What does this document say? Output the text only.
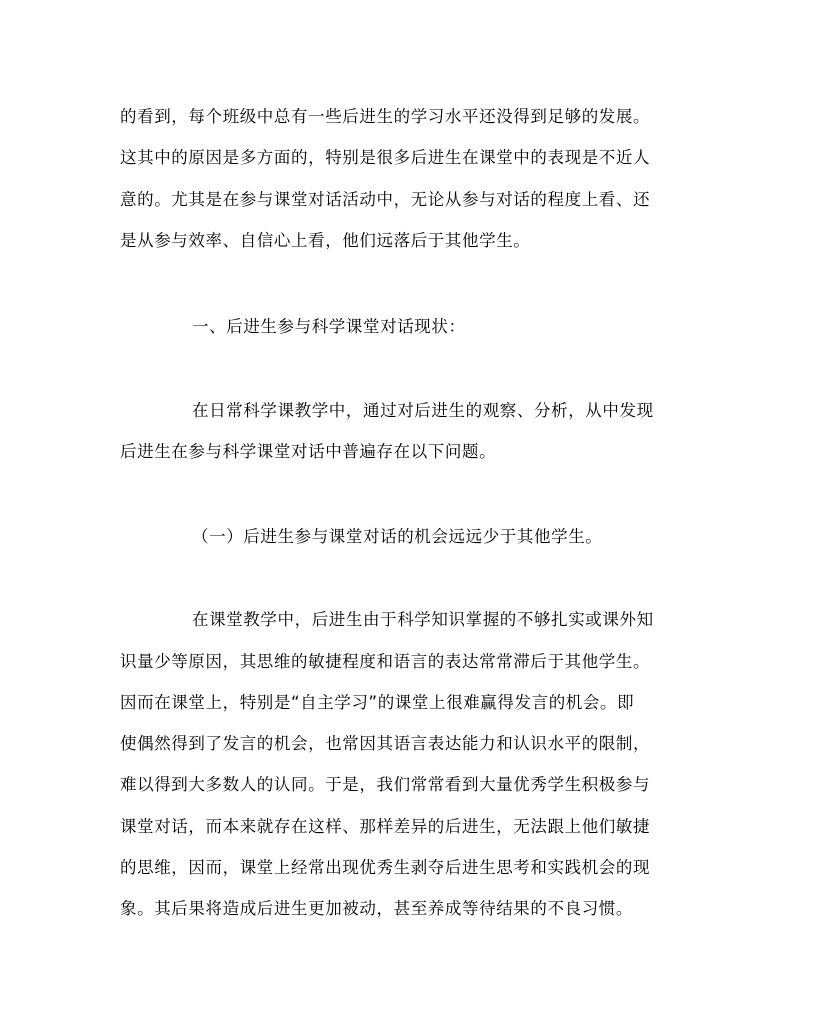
的看到，每个班级中总有一些后进生的学习水平还没得到足够的发展。

这其中的原因是多方面的，特别是很多后进生在课堂中的表现是不近人

意的。尤其是在参与课堂对话活动中，无论从参与对话的程度上看、还

是从参与效率、自信心上看，他们远落后于其他学生。

一、后进生参与科学课堂对话现状：

在日常科学课教学中，通过对后进生的观察、分析，从中发现

后进生在参与科学课堂对话中普遍存在以下问题。

（一）后进生参与课堂对话的机会远远少于其他学生。

在课堂教学中，后进生由于科学知识掌握的不够扎实或课外知

识量少等原因，其思维的敏捷程度和语言的表达常常滞后于其他学生。

因而在课堂上，特别是“自主学习”的课堂上很难赢得发言的机会。即

使偶然得到了发言的机会，也常因其语言表达能力和认识水平的限制，

难以得到大多数人的认同。于是，我们常常看到大量优秀学生积极参与

课堂对话，而本来就存在这样、那样差异的后进生，无法跟上他们敏捷

的思维，因而，课堂上经常出现优秀生剥夺后进生思考和实践机会的现

象。其后果将造成后进生更加被动，甚至养成等待结果的不良习惯。
